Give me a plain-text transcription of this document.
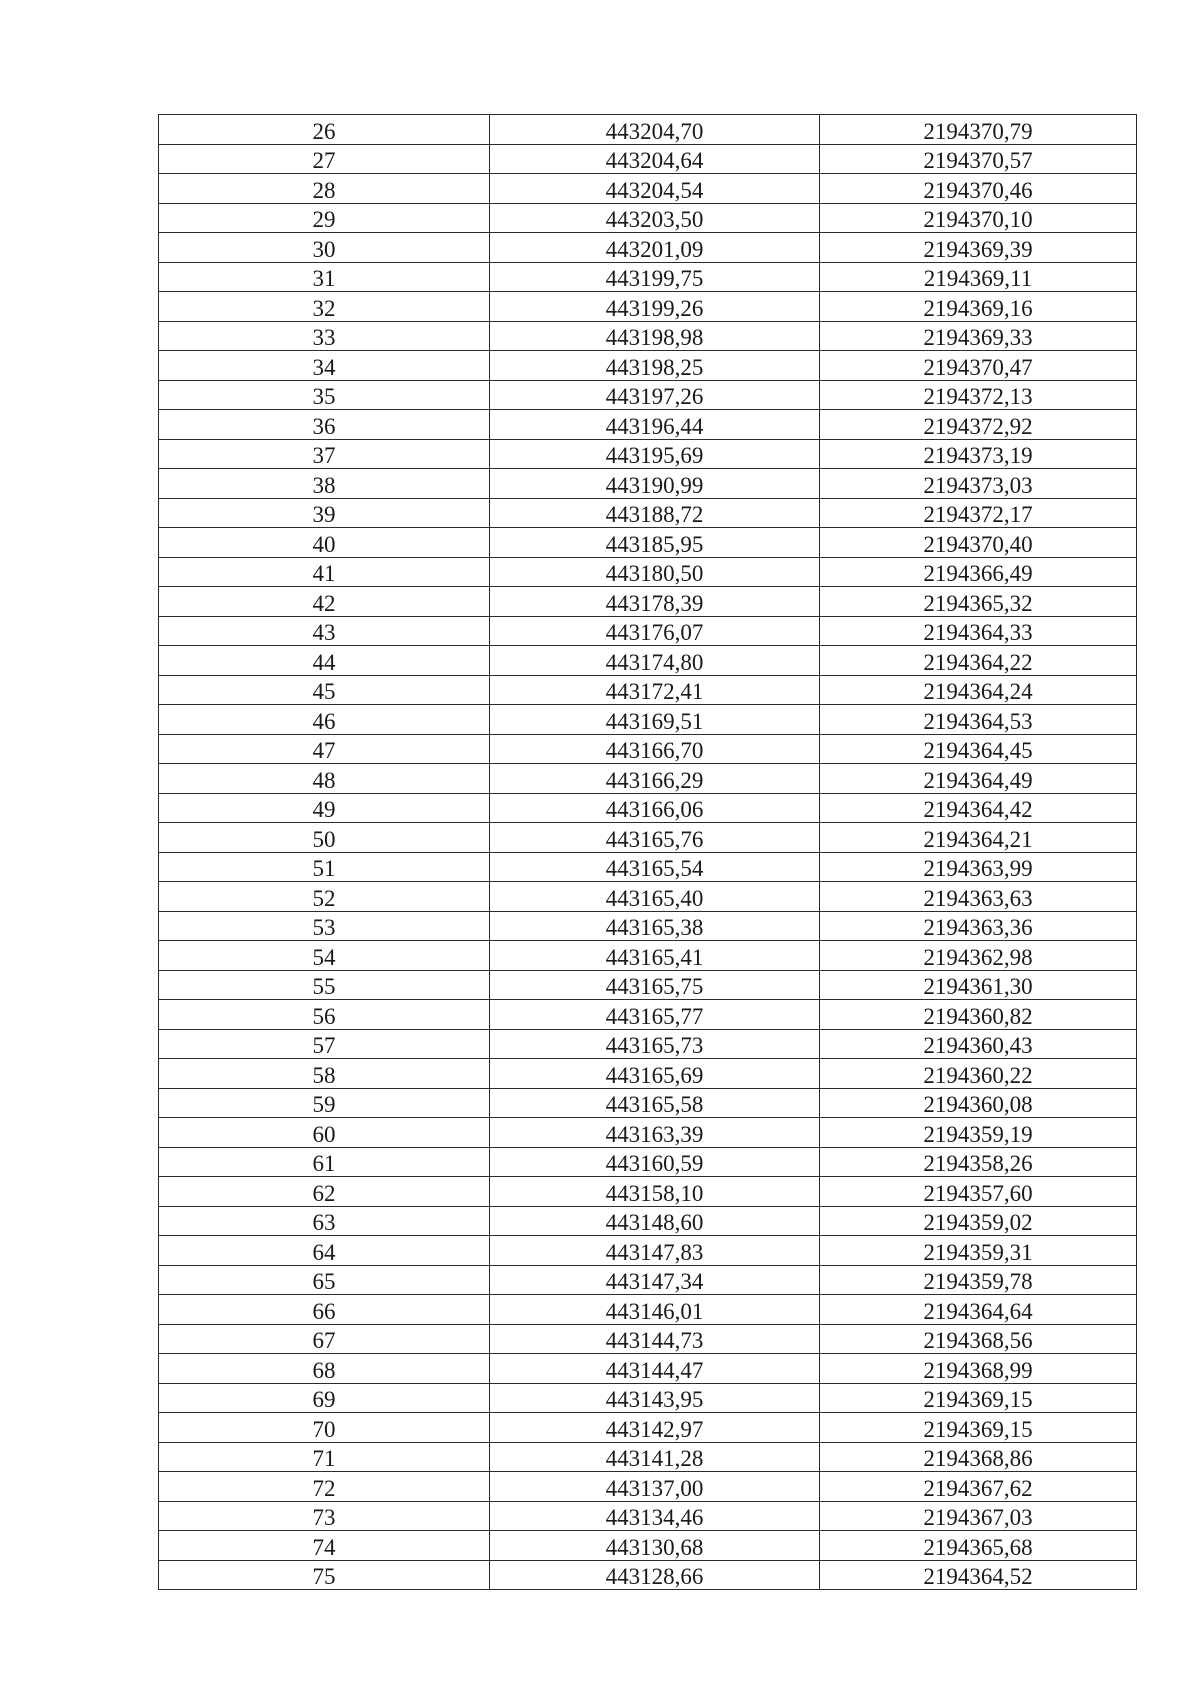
26	443204,70	2194370,79
27	443204,64	2194370,57
28	443204,54	2194370,46
29	443203,50	2194370,10
30	443201,09	2194369,39
31	443199,75	2194369,11
32	443199,26	2194369,16
33	443198,98	2194369,33
34	443198,25	2194370,47
35	443197,26	2194372,13
36	443196,44	2194372,92
37	443195,69	2194373,19
38	443190,99	2194373,03
39	443188,72	2194372,17
40	443185,95	2194370,40
41	443180,50	2194366,49
42	443178,39	2194365,32
43	443176,07	2194364,33
44	443174,80	2194364,22
45	443172,41	2194364,24
46	443169,51	2194364,53
47	443166,70	2194364,45
48	443166,29	2194364,49
49	443166,06	2194364,42
50	443165,76	2194364,21
51	443165,54	2194363,99
52	443165,40	2194363,63
53	443165,38	2194363,36
54	443165,41	2194362,98
55	443165,75	2194361,30
56	443165,77	2194360,82
57	443165,73	2194360,43
58	443165,69	2194360,22
59	443165,58	2194360,08
60	443163,39	2194359,19
61	443160,59	2194358,26
62	443158,10	2194357,60
63	443148,60	2194359,02
64	443147,83	2194359,31
65	443147,34	2194359,78
66	443146,01	2194364,64
67	443144,73	2194368,56
68	443144,47	2194368,99
69	443143,95	2194369,15
70	443142,97	2194369,15
71	443141,28	2194368,86
72	443137,00	2194367,62
73	443134,46	2194367,03
74	443130,68	2194365,68
75	443128,66	2194364,52
